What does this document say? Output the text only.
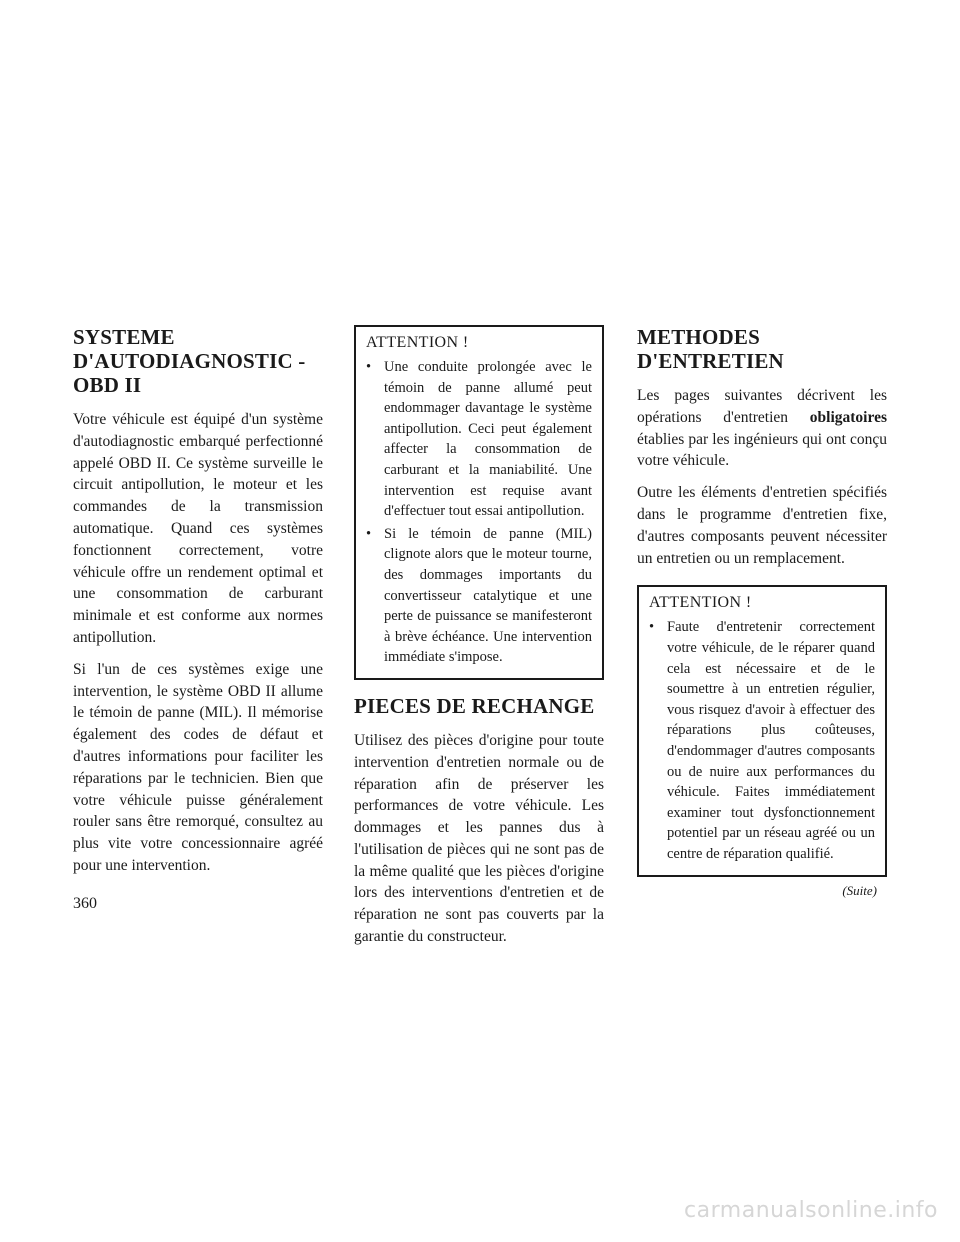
SYSTEME
D'AUTODIAGNOSTIC -
OBD II

Votre véhicule est équipé d'un système d'autodiagnostic embarqué perfectionné appelé OBD II. Ce système surveille le circuit antipollution, le moteur et les commandes de la transmission automatique. Quand ces systèmes fonctionnent correctement, votre véhicule offre un rendement optimal et une consommation de carburant minimale et est conforme aux normes antipollution.

Si l'un de ces systèmes exige une intervention, le système OBD II allume le témoin de panne (MIL). Il mémorise également des codes de défaut et d'autres informations pour faciliter les réparations par le technicien. Bien que votre véhicule puisse généralement rouler sans être remorqué, consultez au plus vite votre concessionnaire agréé pour une intervention.

ATTENTION !
• Une conduite prolongée avec le témoin de panne allumé peut endommager davantage le système antipollution. Ceci peut également affecter la consommation de carburant et la maniabilité. Une intervention est requise avant d'effectuer tout essai antipollution.
• Si le témoin de panne (MIL) clignote alors que le moteur tourne, des dommages importants du convertisseur catalytique et une perte de puissance se manifesteront à brève échéance. Une intervention immédiate s'impose.
PIECES DE RECHANGE

Utilisez des pièces d'origine pour toute intervention d'entretien normale ou de réparation afin de préserver les performances de votre véhicule. Les dommages et les pannes dus à l'utilisation de pièces qui ne sont pas de la même qualité que les pièces d'origine lors des interventions d'entretien et de réparation ne sont pas couverts par la garantie du constructeur.

METHODES
D'ENTRETIEN

Les pages suivantes décrivent les opérations d'entretien obligatoires établies par les ingénieurs qui ont conçu votre véhicule.

Outre les éléments d'entretien spécifiés dans le programme d'entretien fixe, d'autres composants peuvent nécessiter un entretien ou un remplacement.

ATTENTION !
• Faute d'entretenir correctement votre véhicule, de le réparer quand cela est nécessaire et de le soumettre à un entretien régulier, vous risquez d'avoir à effectuer des réparations plus coûteuses, d'endommager d'autres composants ou de nuire aux performances du véhicule. Faites immédiatement examiner tout dysfonctionnement potentiel par un réseau agréé ou un centre de réparation qualifié.
(Suite)
360
carmanualsonline.info
